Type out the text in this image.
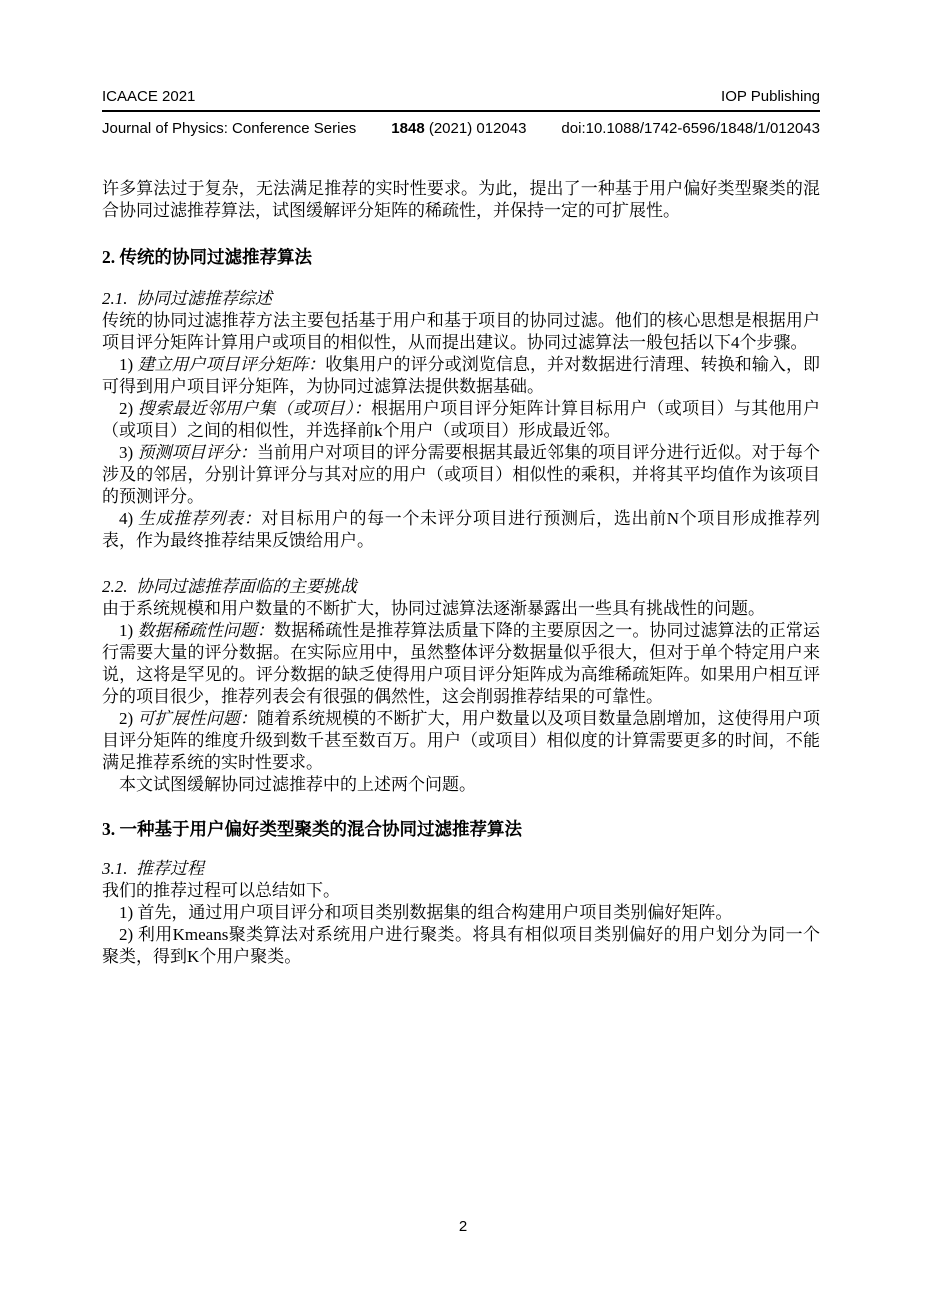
ICAACE 2021	IOP Publishing
Journal of Physics: Conference Series 1848 (2021) 012043 doi:10.1088/1742-6596/1848/1/012043

许多算法过于复杂，无法满足推荐的实时性要求。为此，提出了一种基于用户偏好类型聚类的混合协同过滤推荐算法，试图缓解评分矩阵的稀疏性，并保持一定的可扩展性。

2. 传统的协同过滤推荐算法

2.1. 协同过滤推荐综述

传统的协同过滤推荐方法主要包括基于用户和基于项目的协同过滤。他们的核心思想是根据用户项目评分矩阵计算用户或项目的相似性，从而提出建议。协同过滤算法一般包括以下4个步骤。

1) 建立用户项目评分矩阵：收集用户的评分或浏览信息，并对数据进行清理、转换和输入，即可得到用户项目评分矩阵，为协同过滤算法提供数据基础。

2) 搜索最近邻用户集（或项目）：根据用户项目评分矩阵计算目标用户（或项目）与其他用户（或项目）之间的相似性，并选择前k个用户（或项目）形成最近邻。

3) 预测项目评分：当前用户对项目的评分需要根据其最近邻集的项目评分进行近似。对于每个涉及的邻居，分别计算评分与其对应的用户（或项目）相似性的乘积，并将其平均值作为该项目的预测评分。

4) 生成推荐列表：对目标用户的每一个未评分项目进行预测后，选出前N个项目形成推荐列表，作为最终推荐结果反馈给用户。

2.2. 协同过滤推荐面临的主要挑战

由于系统规模和用户数量的不断扩大，协同过滤算法逐渐暴露出一些具有挑战性的问题。

1) 数据稀疏性问题：数据稀疏性是推荐算法质量下降的主要原因之一。协同过滤算法的正常运行需要大量的评分数据。在实际应用中，虽然整体评分数据量似乎很大，但对于单个特定用户来说，这将是罕见的。评分数据的缺乏使得用户项目评分矩阵成为高维稀疏矩阵。如果用户相互评分的项目很少，推荐列表会有很强的偶然性，这会削弱推荐结果的可靠性。

2) 可扩展性问题：随着系统规模的不断扩大，用户数量以及项目数量急剧增加，这使得用户项目评分矩阵的维度升级到数千甚至数百万。用户（或项目）相似度的计算需要更多的时间，不能满足推荐系统的实时性要求。

本文试图缓解协同过滤推荐中的上述两个问题。

3. 一种基于用户偏好类型聚类的混合协同过滤推荐算法

3.1. 推荐过程

我们的推荐过程可以总结如下。

1) 首先，通过用户项目评分和项目类别数据集的组合构建用户项目类别偏好矩阵。

2) 利用Kmeans聚类算法对系统用户进行聚类。将具有相似项目类别偏好的用户划分为同一个聚类，得到K个用户聚类。

2
